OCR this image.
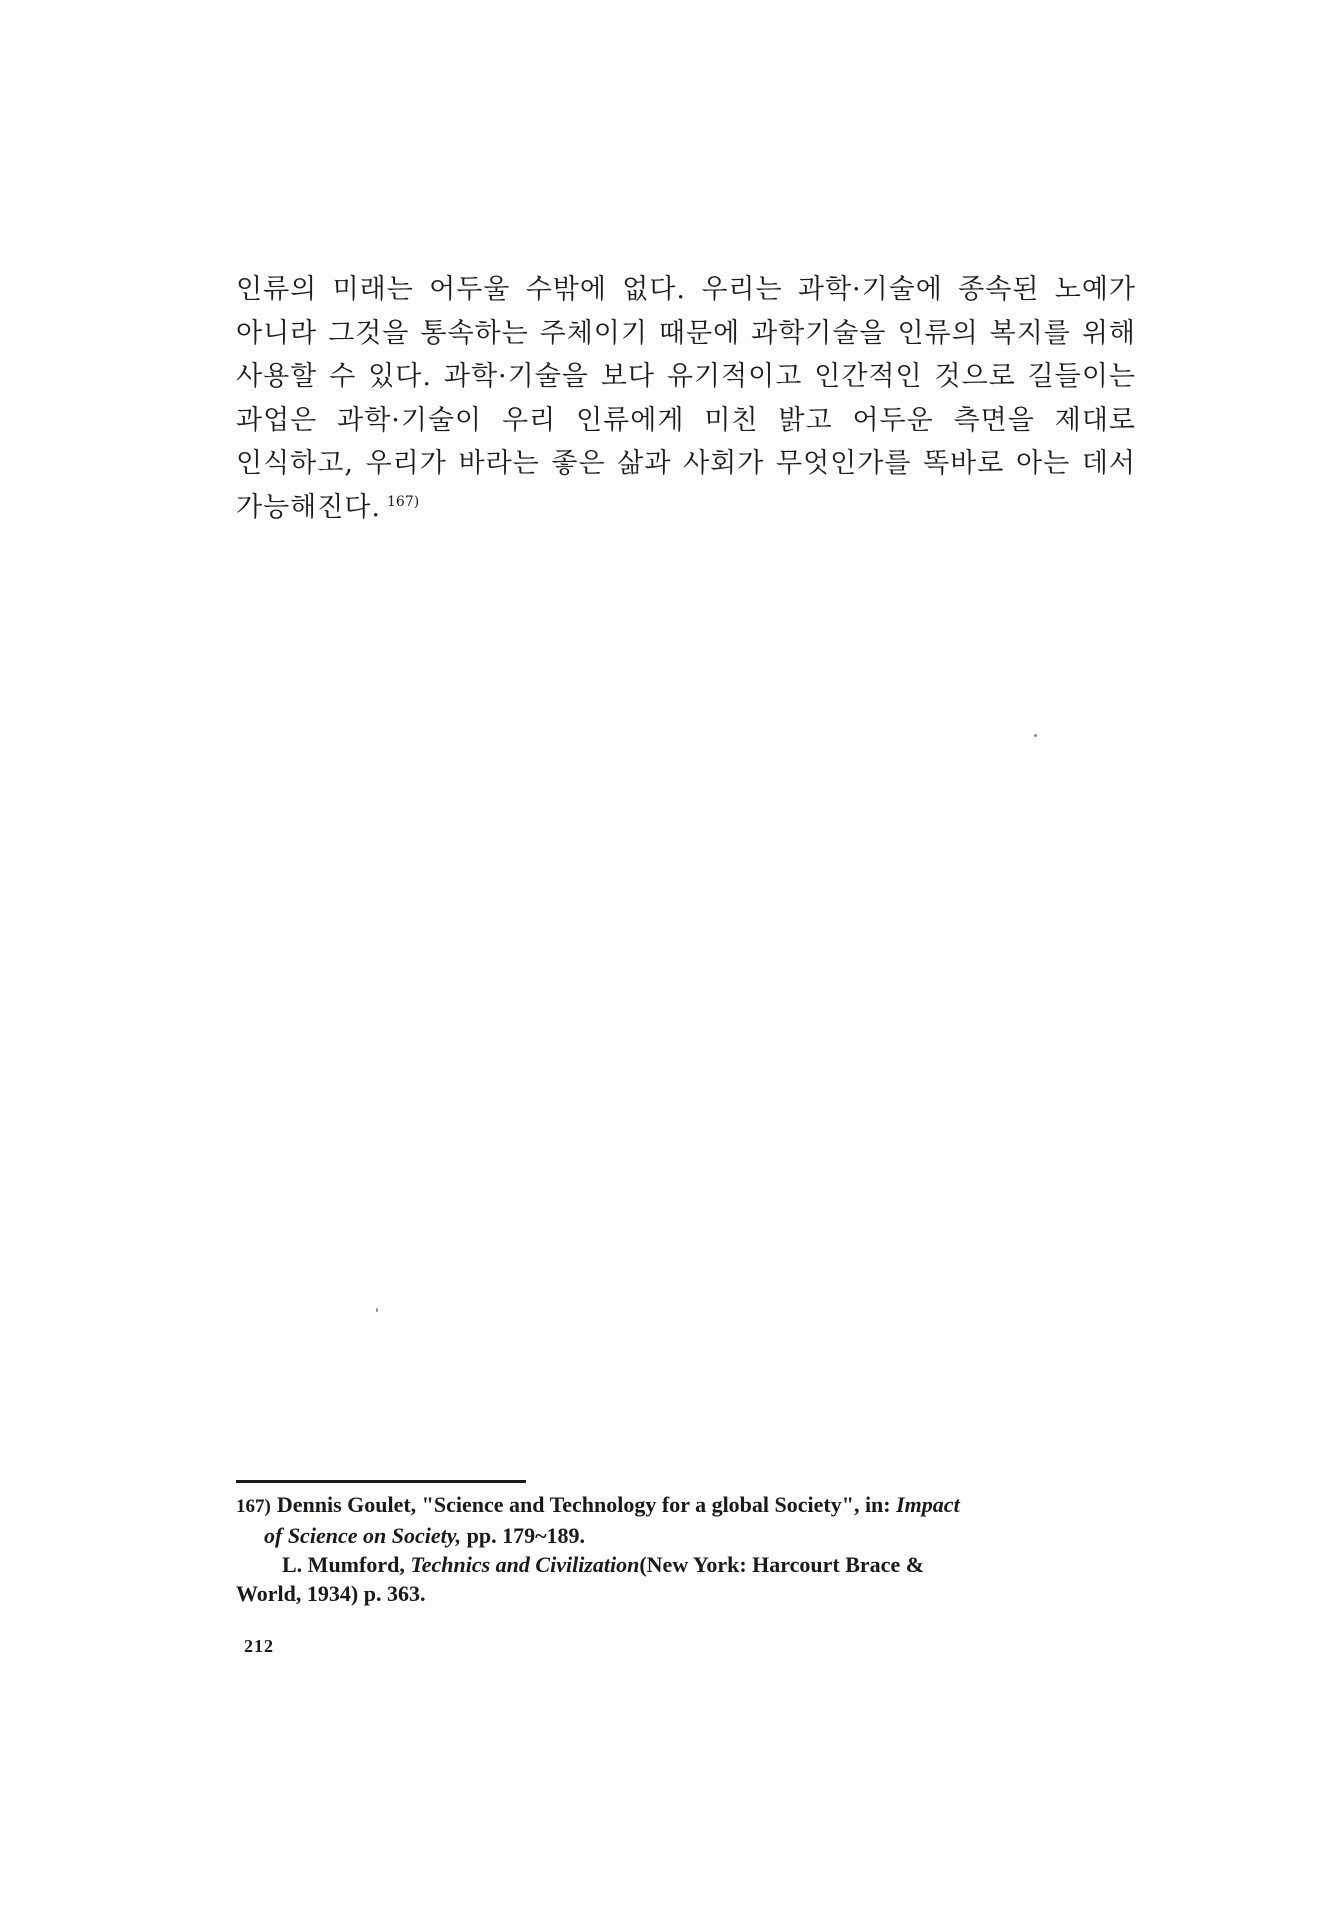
인류의 미래는 어두울 수밖에 없다. 우리는 과학·기술에 종속된 노예가 아니라 그것을 통속하는 주체이기 때문에 과학기술을 인류의 복지를 위해 사용할 수 있다. 과학·기술을 보다 유기적이고 인간적인 것으로 길들이는 과업은 과학·기술이 우리 인류에게 미친 밝고 어두운 측면을 제대로 인식하고, 우리가 바라는 좋은 삶과 사회가 무엇인가를 똑바로 아는 데서 가능해진다. $^{167)}$
167) Dennis Goulet, "Science and Technology for a global Society", in: Impact
of Science on Society, pp. 179~189.
L. Mumford, Technics and Civilization(New York: Harcourt Brace &
World, 1934) p. 363.
212
